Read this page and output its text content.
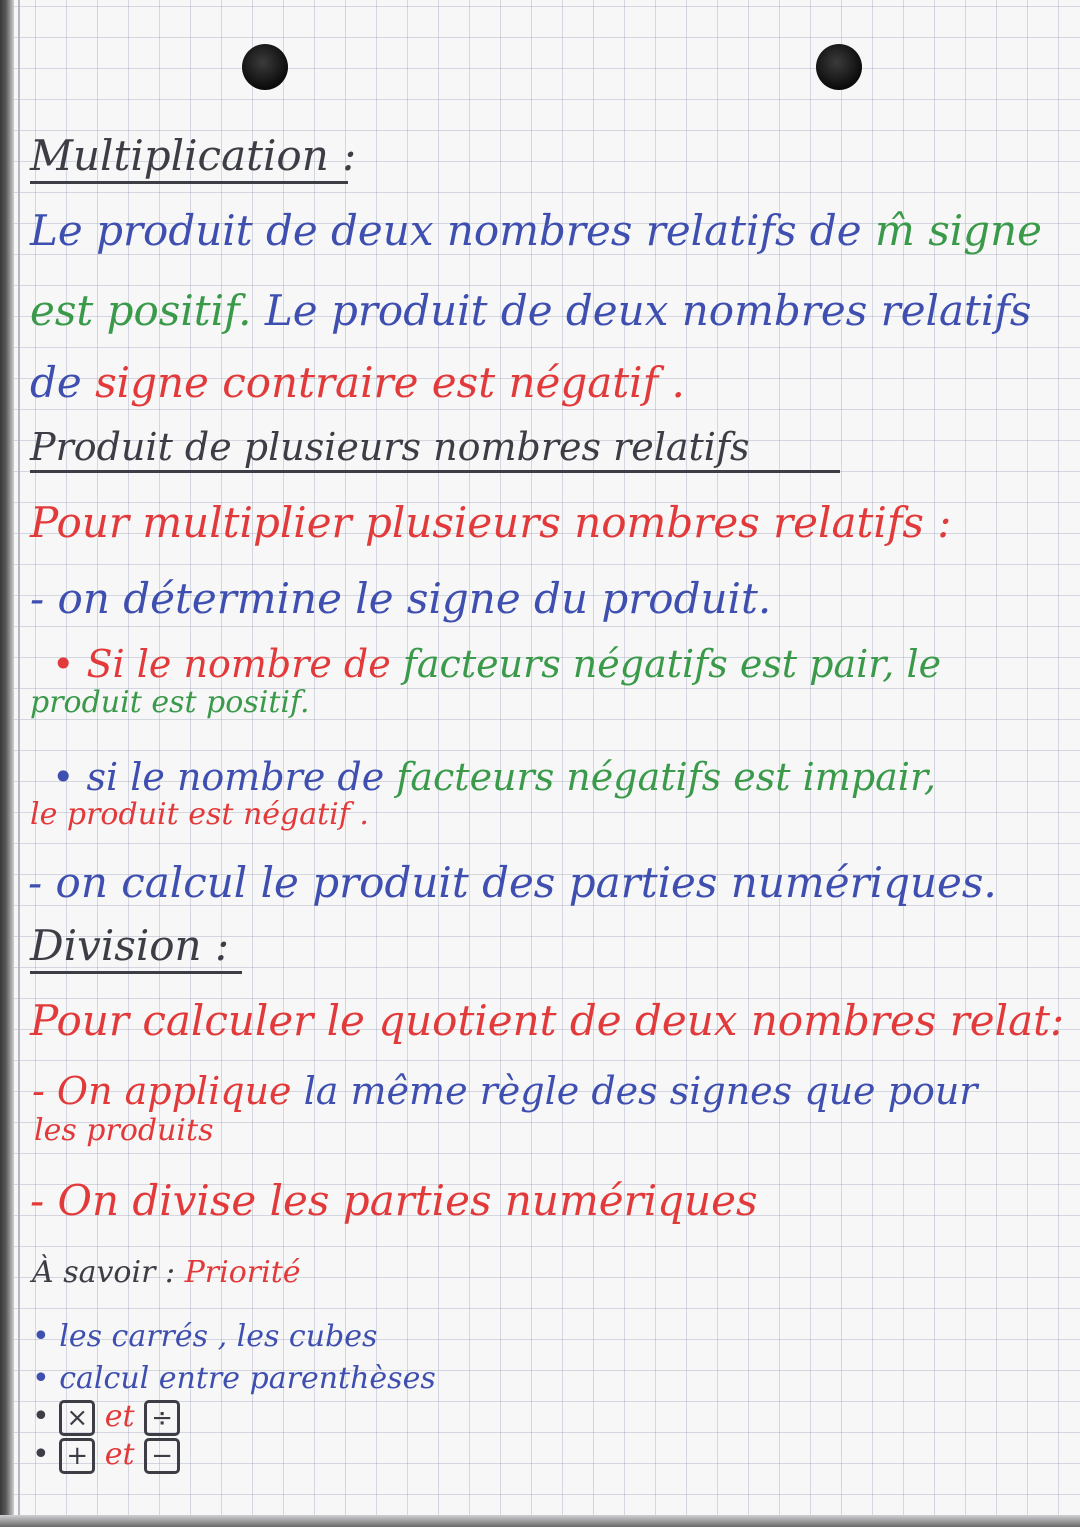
Multiplication :
Le produit de deux nombres relatifs de m̂ signe
est positif. Le produit de deux nombres relatifs
de signe contraire est négatif .
Produit de plusieurs nombres relatifs
Pour multiplier plusieurs nombres relatifs :
- on détermine le signe du produit.
• Si le nombre de facteurs négatifs est pair, le
produit est positif.
• si le nombre de facteurs négatifs est impair,
le produit est négatif .
- on calcul le produit des parties numériques.
Division :
Pour calculer le quotient de deux nombres relat:
- On applique la même règle des signes que pour
les produits
- On divise les parties numériques
À savoir : Priorité
• les carrés , les cubes
• calcul entre parenthèses
• × et ÷
• + et −
